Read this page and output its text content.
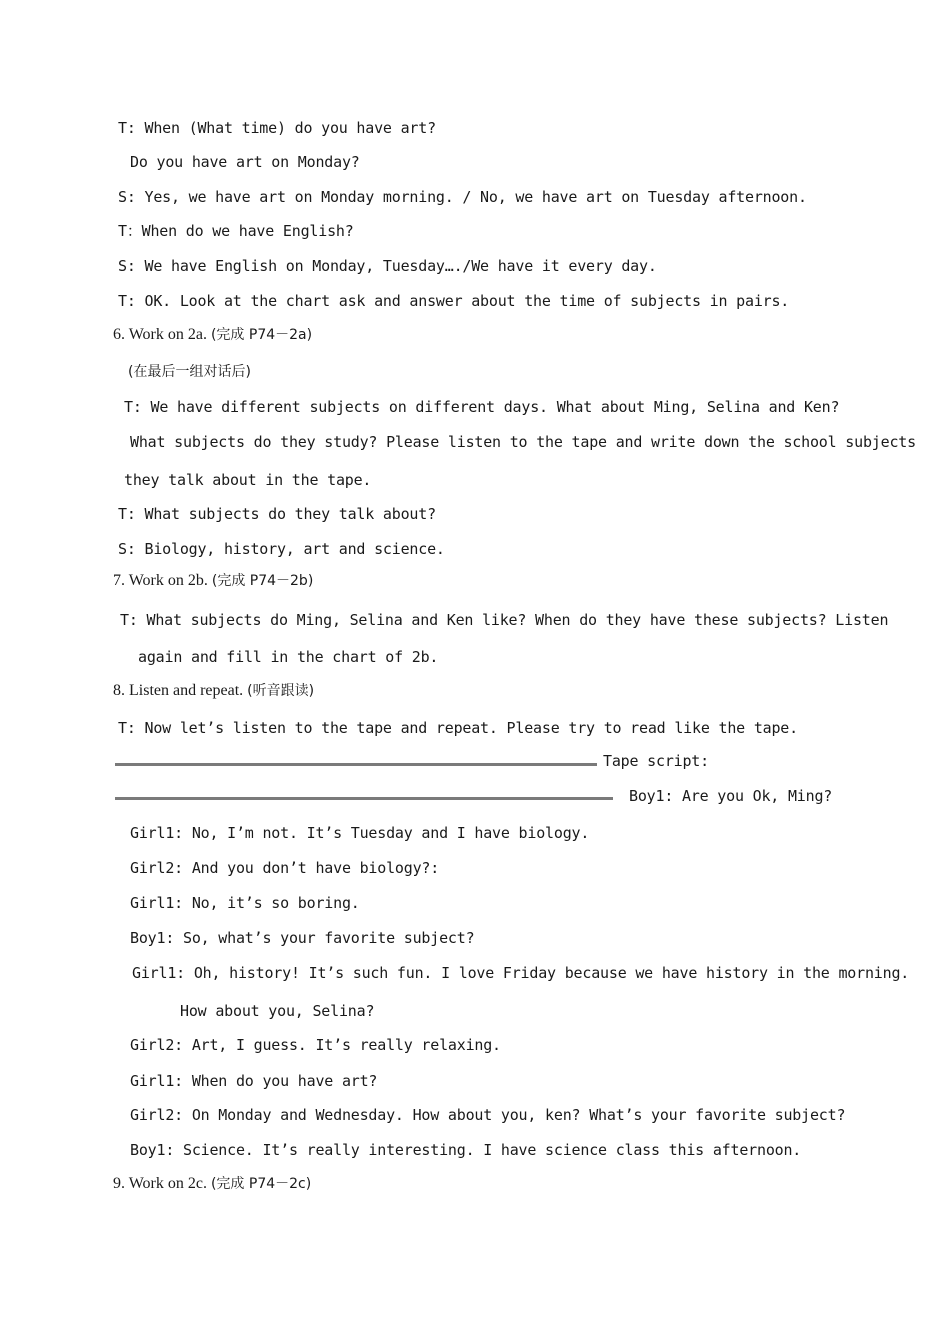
T: When (What time) do you have art?
Do you have art on Monday?
S: Yes, we have art on Monday morning. / No, we have art on Tuesday afternoon.
T：When do we have English?
S: We have English on Monday, Tuesday…./We have it every day.
T: OK. Look at the chart ask and answer about the time of subjects in pairs.
6. Work on 2a. (完成 P74－2a)
(在最后一组对话后)
T: We have different subjects on different days. What about Ming, Selina and Ken?
What subjects do they study? Please listen to the tape and write down the school subjects
they talk about in the tape.
T: What subjects do they talk about?
S: Biology, history, art and science.
7. Work on 2b. (完成 P74－2b)
T: What subjects do Ming, Selina and Ken like? When do they have these subjects? Listen
again and fill in the chart of 2b.
8. Listen and repeat. (听音跟读)
T: Now let’s listen to the tape and repeat. Please try to read like the tape.
Tape script:
Boy1: Are you Ok, Ming?
Girl1: No, I’m not. It’s Tuesday and I have biology.
Girl2: And you don’t have biology?:
Girl1: No, it’s so boring.
Boy1: So, what’s your favorite subject?
Girl1: Oh, history! It’s such fun. I love Friday because we have history in the morning.
How about you, Selina?
Girl2: Art, I guess. It’s really relaxing.
Girl1: When do you have art?
Girl2: On Monday and Wednesday. How about you, ken? What’s your favorite subject?
Boy1: Science. It’s really interesting. I have science class this afternoon.
9. Work on 2c. (完成 P74－2c)
